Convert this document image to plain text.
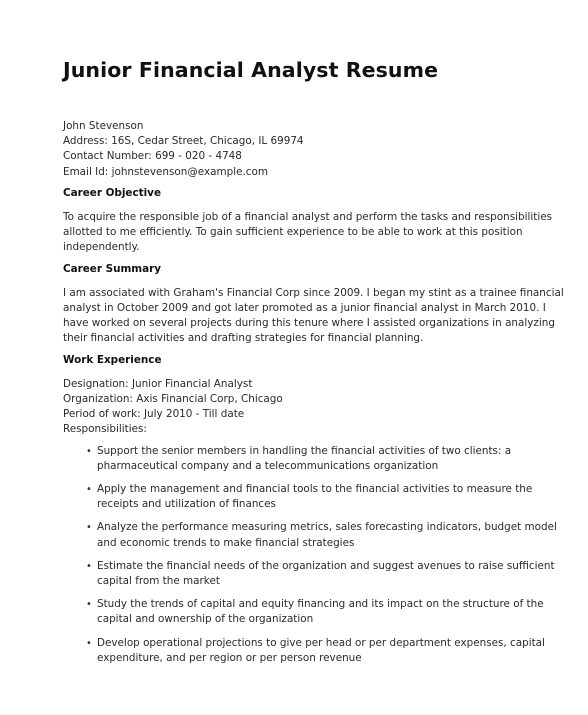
Junior Financial Analyst Resume
John Stevenson
Address: 16S, Cedar Street, Chicago, IL 69974
Contact Number: 699 - 020 - 4748
Email Id: johnstevenson@example.com
Career Objective
To acquire the responsible job of a financial analyst and perform the tasks and responsibilities
allotted to me efficiently. To gain sufficient experience to be able to work at this position
independently.
Career Summary
I am associated with Graham's Financial Corp since 2009. I began my stint as a trainee financial
analyst in October 2009 and got later promoted as a junior financial analyst in March 2010. I
have worked on several projects during this tenure where I assisted organizations in analyzing
their financial activities and drafting strategies for financial planning.
Work Experience
Designation: Junior Financial Analyst
Organization: Axis Financial Corp, Chicago
Period of work: July 2010 - Till date
Responsibilities:
• Support the senior members in handling the financial activities of two clients: a
pharmaceutical company and a telecommunications organization
• Apply the management and financial tools to the financial activities to measure the
receipts and utilization of finances
• Analyze the performance measuring metrics, sales forecasting indicators, budget model
and economic trends to make financial strategies
• Estimate the financial needs of the organization and suggest avenues to raise sufficient
capital from the market
• Study the trends of capital and equity financing and its impact on the structure of the
capital and ownership of the organization
• Develop operational projections to give per head or per department expenses, capital
expenditure, and per region or per person revenue
